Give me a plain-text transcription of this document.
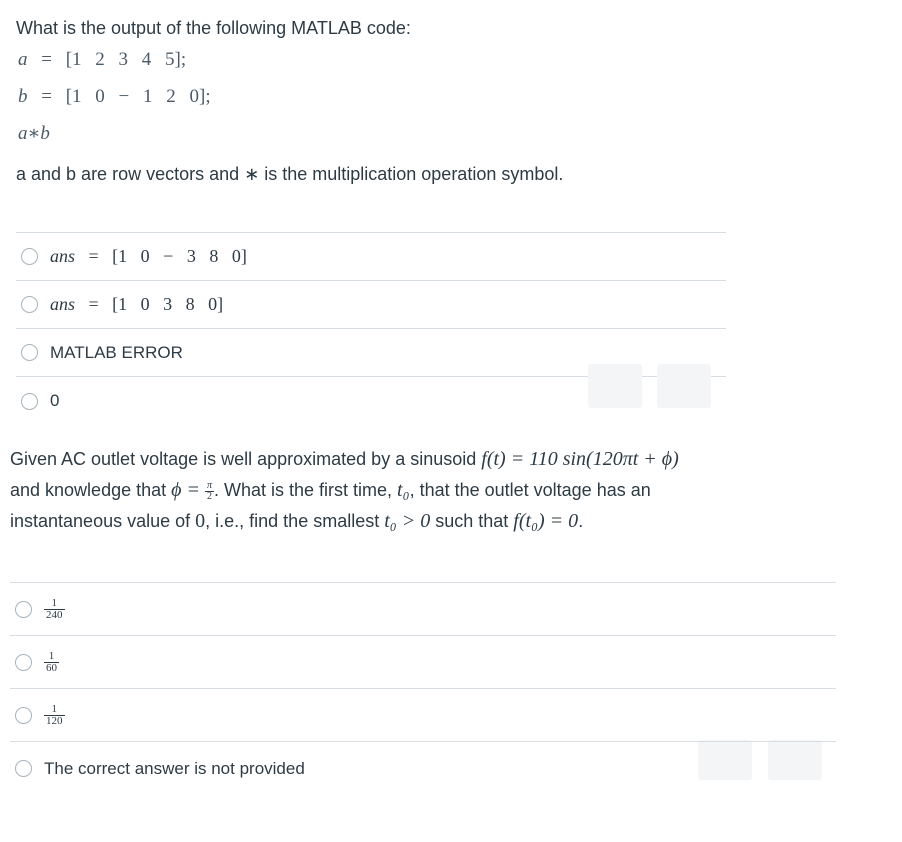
What is the output of the following MATLAB code:
a = [1 2 3 4 5];
b = [1 0 − 1 2 0];
a∗b
a and b are row vectors and ∗ is the multiplication operation symbol.
ans = [1 0 − 3 8 0]
ans = [1 0 3 8 0]
MATLAB ERROR
0
Given AC outlet voltage is well approximated by a sinusoid f(t) = 110 sin(120πt + ϕ)
and knowledge that $\phi = \frac{\pi}{2}$ . What is the first time, t₀, that the outlet voltage has an
instantaneous value of 0, i.e., find the smallest t₀ > 0 such that f(t₀) = 0.
$\frac{1}{240}$
$\frac{1}{60}$
$\frac{1}{120}$
The correct answer is not provided
